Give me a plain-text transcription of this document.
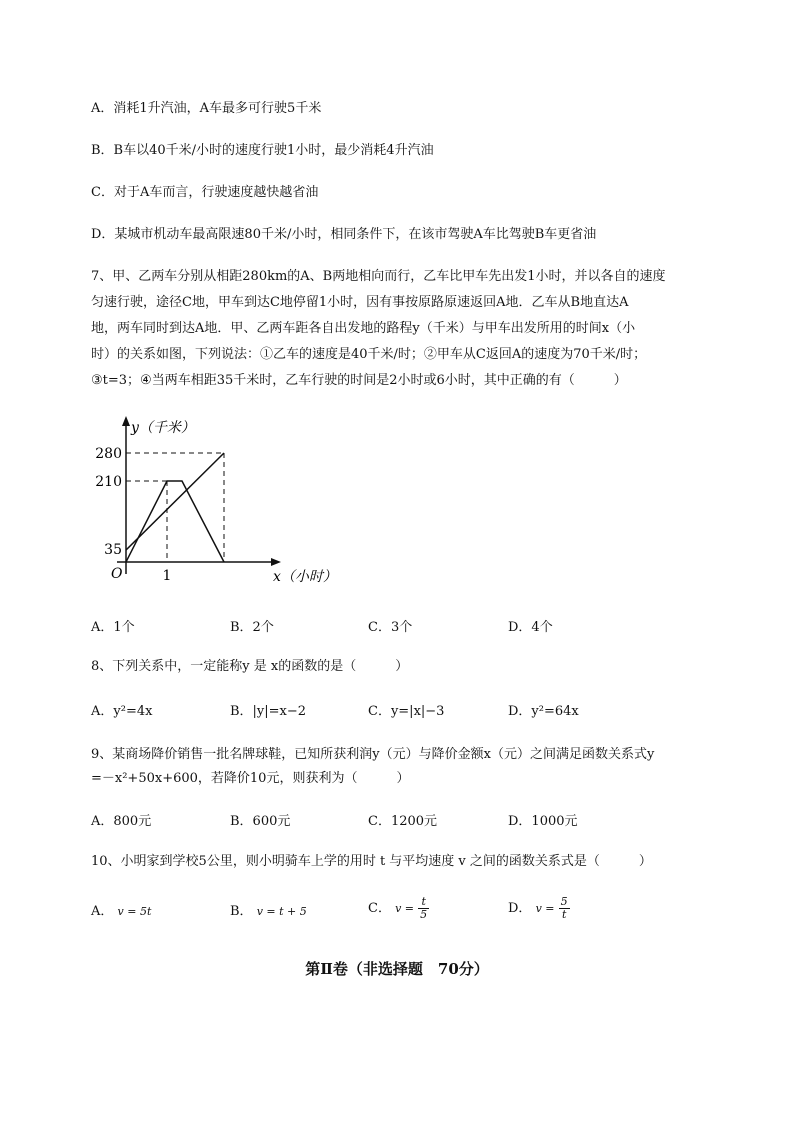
A．消耗1升汽油，A车最多可行驶5千米
B．B车以40千米/小时的速度行驶1小时，最少消耗4升汽油
C．对于A车而言，行驶速度越快越省油
D．某城市机动车最高限速80千米/小时，相同条件下，在该市驾驶A车比驾驶B车更省油
7、甲、乙两车分别从相距280km的A、B两地相向而行，乙车比甲车先出发1小时，并以各自的速度
匀速行驶，途径C地，甲车到达C地停留1小时，因有事按原路原速返回A地．乙车从B地直达A
地，两车同时到达A地．甲、乙两车距各自出发地的路程y（千米）与甲车出发所用的时间x（小
时）的关系如图，下列说法：①乙车的速度是40千米/时；②甲车从C返回A的速度为70千米/时；
③t=3；④当两车相距35千米时，乙车行驶的时间是2小时或6小时，其中正确的有（　　　）
y（千米）
280
210
35
O	1	x（小时）
A．1个	B．2个	C．3个	D．4个
8、下列关系中，一定能称y 是 x的函数的是（　　　）
A．y²=4x	B．|y|=x−2	C．y=|x|−3	D．y²=64x
9、某商场降价销售一批名牌球鞋，已知所获利润y（元）与降价金额x（元）之间满足函数关系式y
=－x²+50x+600，若降价10元，则获利为（　　　）
A．800元	B．600元	C．1200元	D．1000元
10、小明家到学校5公里，则小明骑车上学的用时 t 与平均速度 v 之间的函数关系式是（　　　）
A． v = 5t	B． v = t + 5	C． $v = \frac{t}{5}$	D． $v = \frac{5}{t}$
第Ⅱ卷（非选择题　70分）
